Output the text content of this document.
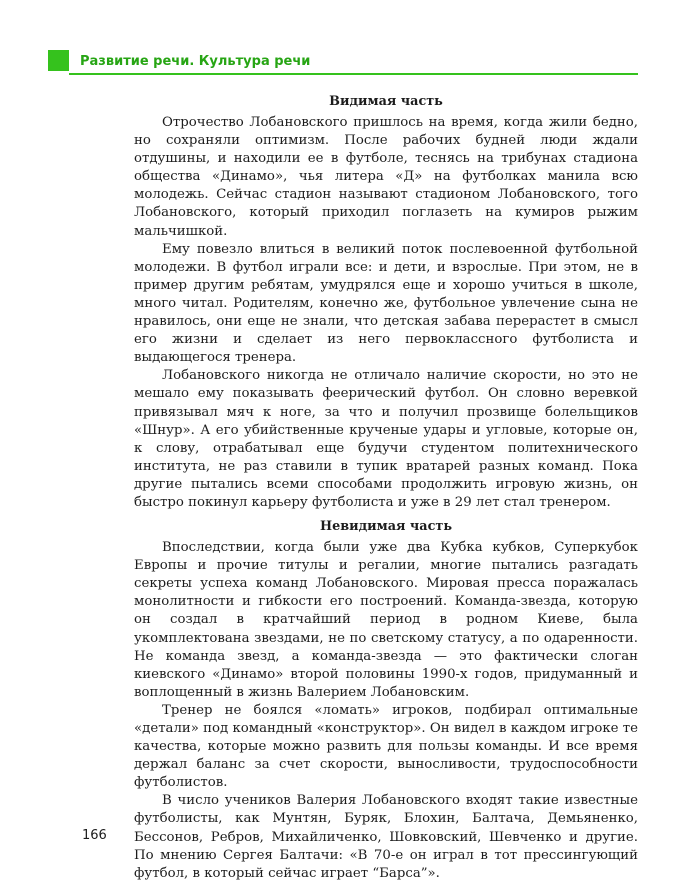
Развитие речи. Культура речи
Видимая часть

Отрочество Лобановского пришлось на время, когда жили бедно, но сохраняли оптимизм. После рабочих будней люди ждали отдушины, и находили ее в футболе, теснясь на трибунах стадиона общества «Динамо», чья литера «Д» на футболках манила всю молодежь. Сейчас стадион называют стадионом Лобановского, того Лобановского, который приходил поглазеть на кумиров рыжим мальчишкой.

Ему повезло влиться в великий поток послевоенной футбольной молодежи. В футбол играли все: и дети, и взрослые. При этом, не в пример другим ребятам, умудрялся еще и хорошо учиться в школе, много читал. Родителям, конечно же, футбольное увлечение сына не нравилось, они еще не знали, что детская забава перерастет в смысл его жизни и сделает из него первоклассного футболиста и выдающегося тренера.

Лобановского никогда не отличало наличие скорости, но это не мешало ему показывать феерический футбол. Он словно веревкой привязывал мяч к ноге, за что и получил прозвище болельщиков «Шнур». А его убийственные крученые удары и угловые, которые он, к слову, отрабатывал еще будучи студентом политехнического института, не раз ставили в тупик вратарей разных команд. Пока другие пытались всеми способами продолжить игровую жизнь, он быстро покинул карьеру футболиста и уже в 29 лет стал тренером.

Невидимая часть

Впоследствии, когда были уже два Кубка кубков, Суперкубок Европы и прочие титулы и регалии, многие пытались разгадать секреты успеха команд Лобановского. Мировая пресса поражалась монолитности и гибкости его построений. Команда-звезда, которую он создал в кратчайший период в родном Киеве, была укомплектована звездами, не по светскому статусу, а по одаренности. Не команда звезд, а команда-звезда — это фактически слоган киевского «Динамо» второй половины 1990-х годов, придуманный и воплощенный в жизнь Валерием Лобановским.

Тренер не боялся «ломать» игроков, подбирал оптимальные «детали» под командный «конструктор». Он видел в каждом игроке те качества, которые можно развить для пользы команды. И все время держал баланс за счет скорости, выносливости, трудоспособности футболистов.

В число учеников Валерия Лобановского входят такие известные футболисты, как Мунтян, Буряк, Блохин, Балтача, Демьяненко, Бессонов, Ребров, Михайличенко, Шовковский, Шевченко и другие. По мнению Сергея Балтачи: «В 70-е он играл в тот прессингующий футбол, в который сейчас играет “Барса”».

166
